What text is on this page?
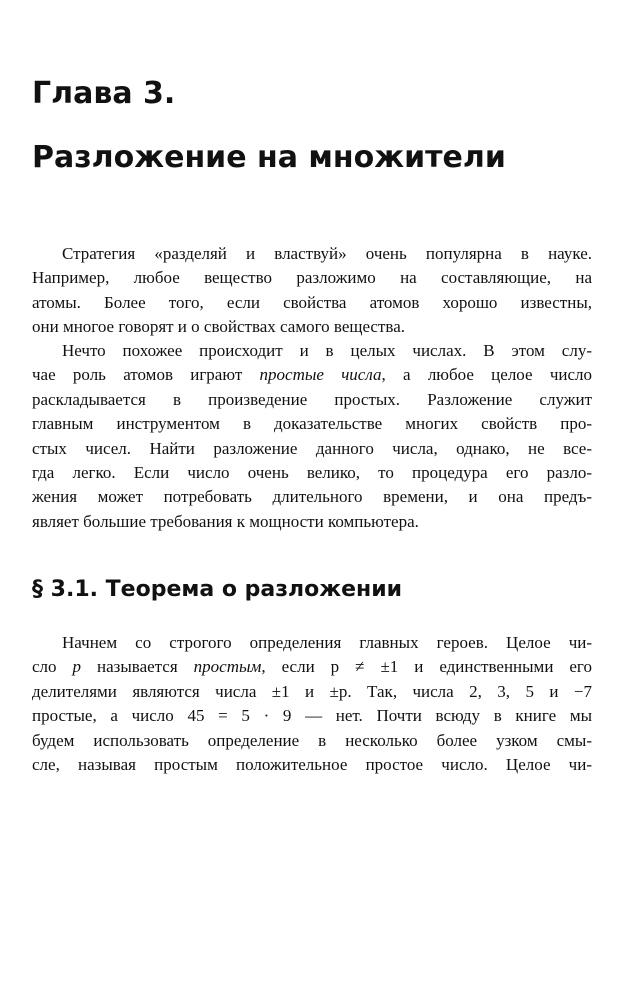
Глава 3.
Разложение на множители
Стратегия «разделяй и властвуй» очень популярна в науке.
Например, любое вещество разложимо на составляющие, на
атомы. Более того, если свойства атомов хорошо известны,
они многое говорят и о свойствах самого вещества.
Нечто похожее происходит и в целых числах. В этом слу-
чае роль атомов играют простые числа, а любое целое число
раскладывается в произведение простых. Разложение служит
главным инструментом в доказательстве многих свойств про-
стых чисел. Найти разложение данного числа, однако, не все-
гда легко. Если число очень велико, то процедура его разло-
жения может потребовать длительного времени, и она предъ-
являет большие требования к мощности компьютера.
§ 3.1. Теорема о разложении
Начнем со строгого определения главных героев. Целое чи-
сло p называется простым, если p ≠ ±1 и единственными его
делителями являются числа ±1 и ±p. Так, числа 2, 3, 5 и −7
простые, а число 45 = 5 · 9 — нет. Почти всюду в книге мы
будем использовать определение в несколько более узком смы-
сле, называя простым положительное простое число. Целое чи-
